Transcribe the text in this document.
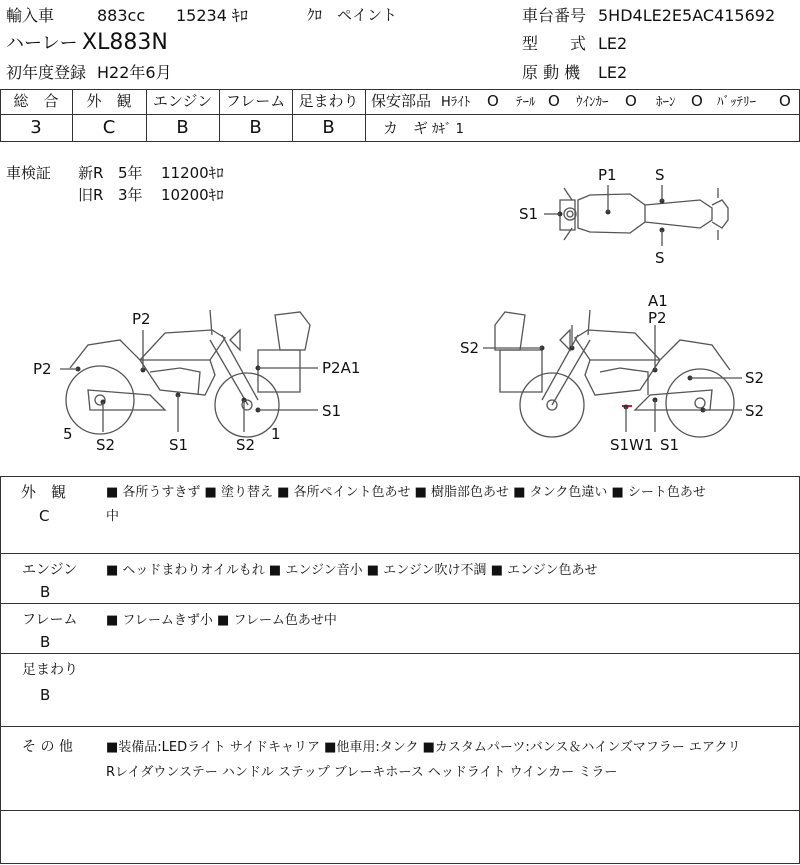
輸入車	883cc 15234 ｷﾛ	ｸﾛ　ペイント	車台番号 5HD4LE2E5AC415692
ハーレー XL883N	型　　式 LE2
初年度登録 H22年6月	原 動 機 LE2
総　合	外　観	エンジン フレーム 足まわり
3	C	B	B	B
保安部品 Hﾗｲﾄ O ﾃｰﾙ O ｳｲﾝｶｰ O ﾎｰﾝ O ﾊﾞｯﾃﾘｰ O
カ　ギ ｶｷﾞ 1
車検証 新R 5年 11200ｷﾛ
旧R 3年 10200ｷﾛ
P1	S
S1
S
P2
P2	P2A1
S1
5
S2	S1	S2
1
A1
P2
S2
S2
S2
S1W1 S1
外　観
C
■ 各所うすきず ■ 塗り替え ■ 各所ペイント色あせ ■ 樹脂部色あせ ■ タンク色違い ■ シート色あせ
中
エンジン
B
■ ヘッドまわりオイルもれ ■ エンジン音小 ■ エンジン吹け不調 ■ エンジン色あせ
フレーム
B
■ フレームきず小 ■ フレーム色あせ中
足まわり
B
そ の 他	■装備品:LEDライト サイドキャリア ■他車用:タンク ■カスタムパーツ:バンス＆ハインズマフラー エアクリ
Rレイダウンステー ハンドル ステップ ブレーキホース ヘッドライト ウインカー ミラー
